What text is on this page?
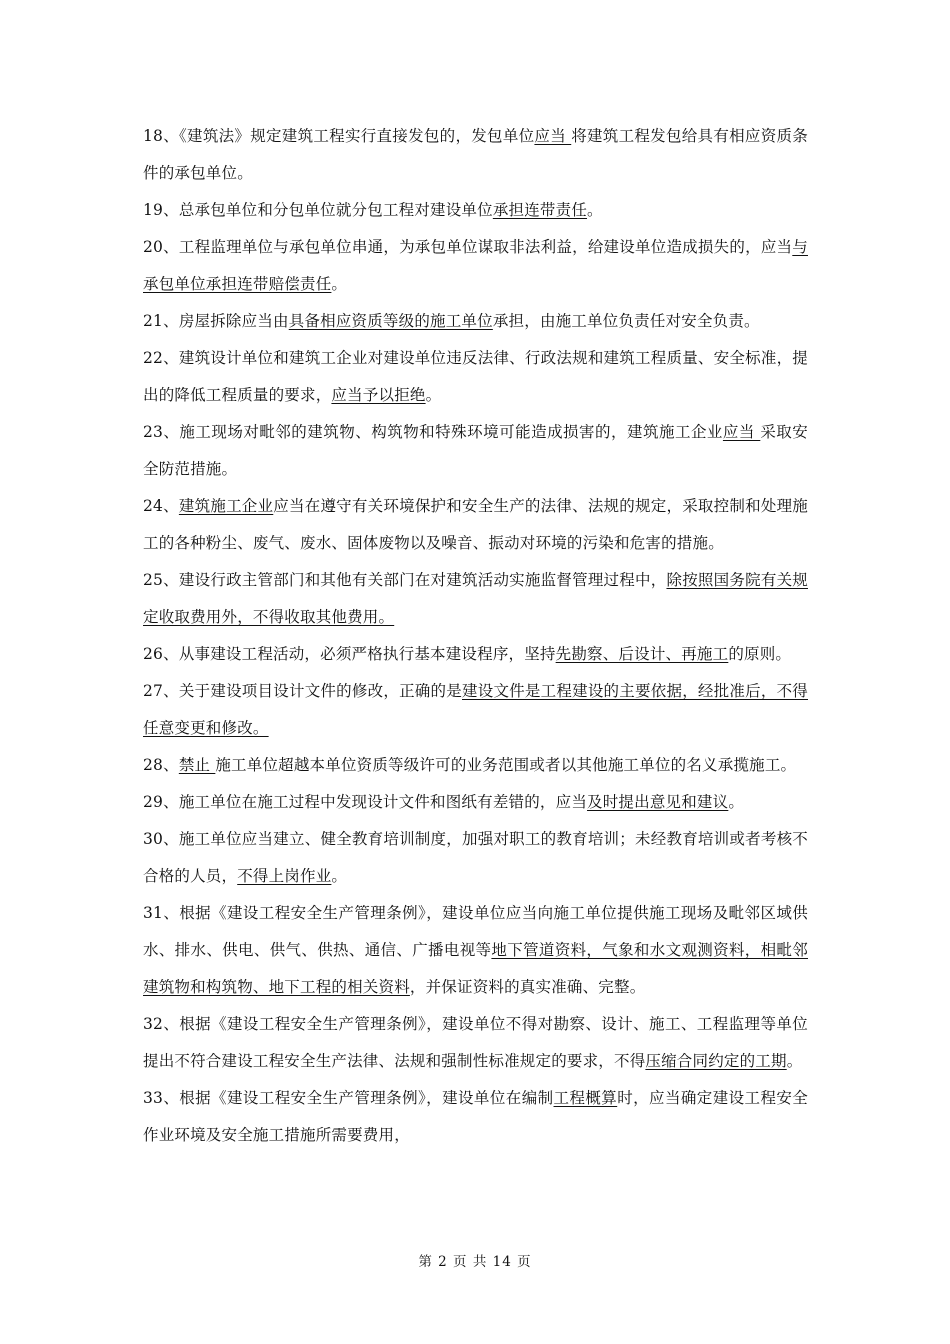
18、《建筑法》规定建筑工程实行直接发包的，发包单位应当 将建筑工程发包给具有相应资质条件的承包单位。

19、总承包单位和分包单位就分包工程对建设单位承担连带责任。

20、工程监理单位与承包单位串通，为承包单位谋取非法利益，给建设单位造成损失的，应当与承包单位承担连带赔偿责任。

21、房屋拆除应当由具备相应资质等级的施工单位承担，由施工单位负责任对安全负责。

22、建筑设计单位和建筑工企业对建设单位违反法律、行政法规和建筑工程质量、安全标准，提出的降低工程质量的要求，应当予以拒绝。

23、施工现场对毗邻的建筑物、构筑物和特殊环境可能造成损害的，建筑施工企业应当 采取安全防范措施。

24、建筑施工企业应当在遵守有关环境保护和安全生产的法律、法规的规定，采取控制和处理施工的各种粉尘、废气、废水、固体废物以及噪音、振动对环境的污染和危害的措施。

25、建设行政主管部门和其他有关部门在对建筑活动实施监督管理过程中，除按照国务院有关规定收取费用外，不得收取其他费用。

26、从事建设工程活动，必须严格执行基本建设程序，坚持先勘察、后设计、再施工的原则。

27、关于建设项目设计文件的修改，正确的是建设文件是工程建设的主要依据，经批准后，不得任意变更和修改。

28、禁止 施工单位超越本单位资质等级许可的业务范围或者以其他施工单位的名义承揽施工。

29、施工单位在施工过程中发现设计文件和图纸有差错的，应当及时提出意见和建议。

30、施工单位应当建立、健全教育培训制度，加强对职工的教育培训；未经教育培训或者考核不合格的人员，不得上岗作业。

31、根据《建设工程安全生产管理条例》，建设单位应当向施工单位提供施工现场及毗邻区域供水、排水、供电、供气、供热、通信、广播电视等地下管道资料，气象和水文观测资料，相毗邻建筑物和构筑物、地下工程的相关资料，并保证资料的真实准确、完整。

32、根据《建设工程安全生产管理条例》，建设单位不得对勘察、设计、施工、工程监理等单位提出不符合建设工程安全生产法律、法规和强制性标准规定的要求，不得压缩合同约定的工期。

33、根据《建设工程安全生产管理条例》，建设单位在编制工程概算时，应当确定建设工程安全作业环境及安全施工措施所需要费用，

第 2 页 共 14 页
